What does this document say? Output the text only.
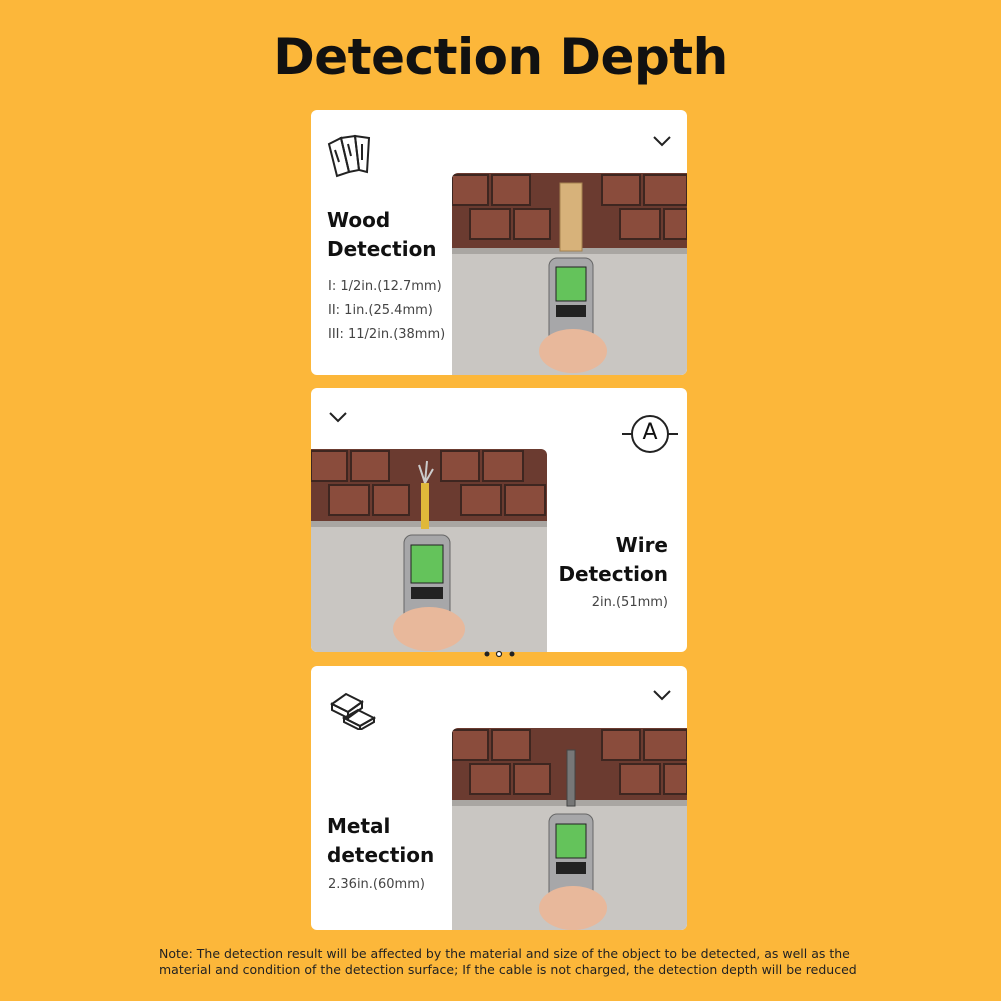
Detection Depth
Wood
Detection
I: 1/2in.(12.7mm)
II: 1in.(25.4mm)
III: 11/2in.(38mm)
A
Wire
Detection
2in.(51mm)
Metal
detection
2.36in.(60mm)
Note: The detection result will be affected by the material and size of the object to be detected, as well as the material and condition of the detection surface; If the cable is not charged, the detection depth will be reduced
